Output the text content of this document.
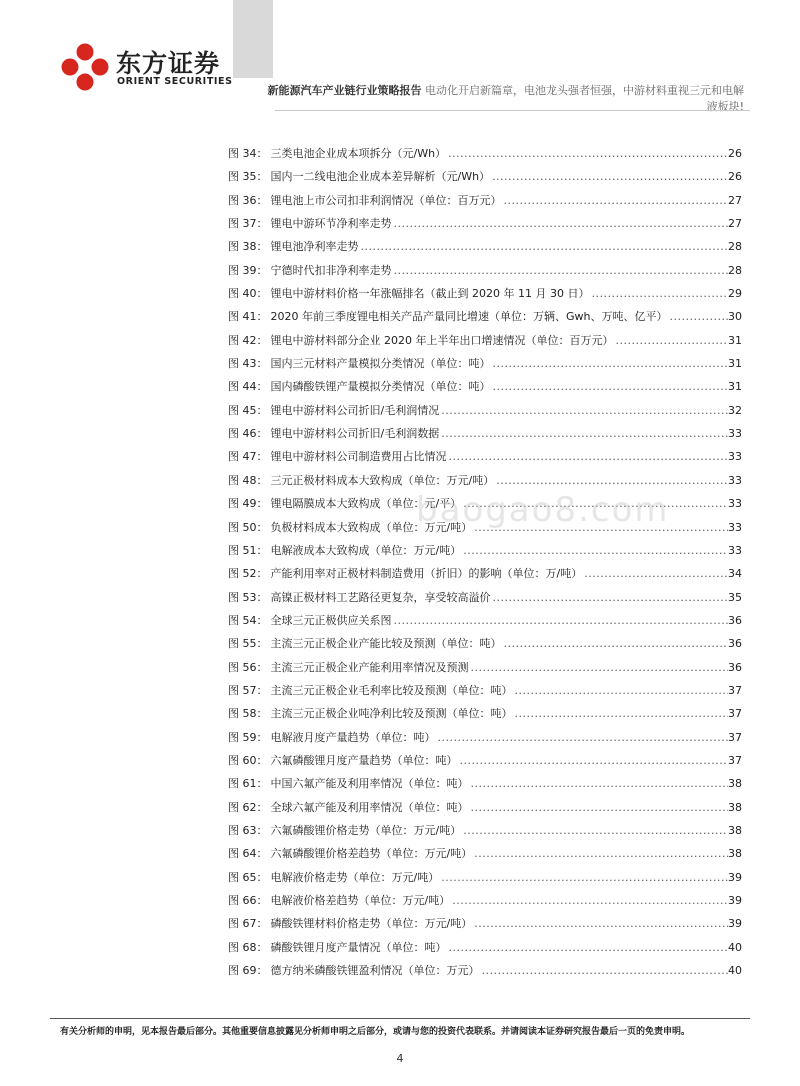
东方证券
ORIENT SECURITIES
新能源汽车产业链行业策略报告 电动化开启新篇章，电池龙头强者恒强，中游材料重视三元和电解液板块!
图 34： 三类电池企业成本项拆分（元/Wh） .....	26
图 35： 国内一二线电池企业成本差异解析（元/Wh） .....	26
图 36： 锂电池上市公司扣非利润情况（单位：百万元） .....	27
图 37： 锂电中游环节净利率走势 .....	27
图 38： 锂电池净利率走势 .....	28
图 39： 宁德时代扣非净利率走势 .....	28
图 40： 锂电中游材料价格一年涨幅排名（截止到 2020 年 11 月 30 日） .....	29
图 41： 2020 年前三季度锂电相关产品产量同比增速（单位：万辆、Gwh、万吨、亿平） .....	30
图 42： 锂电中游材料部分企业 2020 年上半年出口增速情况（单位：百万元） .....	31
图 43： 国内三元材料产量模拟分类情况（单位：吨） .....	31
图 44： 国内磷酸铁锂产量模拟分类情况（单位：吨） .....	31
图 45： 锂电中游材料公司折旧/毛利润情况 .....	32
图 46： 锂电中游材料公司折旧/毛利润数据 .....	33
图 47： 锂电中游材料公司制造费用占比情况 .....	33
图 48： 三元正极材料成本大致构成（单位：万元/吨） .....	33
图 49： 锂电隔膜成本大致构成（单位：元/平） .....	33
图 50： 负极材料成本大致构成（单位：万元/吨） .....	33
图 51： 电解液成本大致构成（单位：万元/吨） .....	33
图 52： 产能利用率对正极材料制造费用（折旧）的影响（单位：万/吨） .....	34
图 53： 高镍正极材料工艺路径更复杂，享受较高溢价 .....	35
图 54： 全球三元正极供应关系图 .....	36
图 55： 主流三元正极企业产能比较及预测（单位：吨） .....	36
图 56： 主流三元正极企业产能利用率情况及预测 .....	36
图 57： 主流三元正极企业毛利率比较及预测（单位：吨） .....	37
图 58： 主流三元正极企业吨净利比较及预测（单位：吨） .....	37
图 59： 电解液月度产量趋势（单位：吨） .....	37
图 60： 六氟磷酸锂月度产量趋势（单位：吨） .....	37
图 61： 中国六氟产能及利用率情况（单位：吨） .....	38
图 62： 全球六氟产能及利用率情况（单位：吨） .....	38
图 63： 六氟磷酸锂价格走势（单位：万元/吨） .....	38
图 64： 六氟磷酸锂价格差趋势（单位：万元/吨） .....	38
图 65： 电解液价格走势（单位：万元/吨） .....	39
图 66： 电解液价格差趋势（单位：万元/吨） .....	39
图 67： 磷酸铁锂材料价格走势（单位：万元/吨） .....	39
图 68： 磷酸铁锂月度产量情况（单位：吨） .....	40
图 69： 德方纳米磷酸铁锂盈利情况（单位：万元） .....	40
baogao8.com
有关分析师的申明，见本报告最后部分。其他重要信息披露见分析师申明之后部分，或请与您的投资代表联系。并请阅读本证券研究报告最后一页的免责申明。
4
